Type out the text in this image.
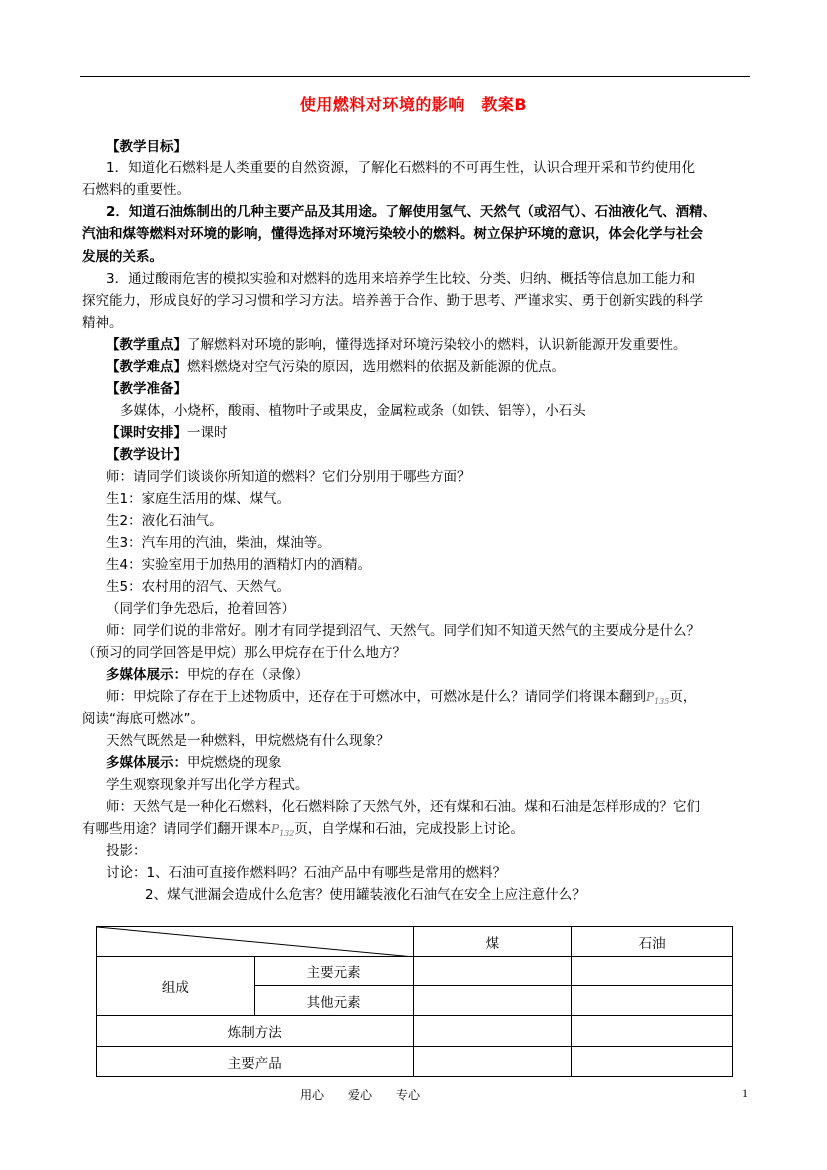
使用燃料对环境的影响　教案B
【教学目标】
1．知道化石燃料是人类重要的自然资源，了解化石燃料的不可再生性，认识合理开采和节约使用化
石燃料的重要性。
2．知道石油炼制出的几种主要产品及其用途。了解使用氢气、天然气（或沼气）、石油液化气、酒精、
汽油和煤等燃料对环境的影响，懂得选择对环境污染较小的燃料。树立保护环境的意识，体会化学与社会
发展的关系。
3．通过酸雨危害的模拟实验和对燃料的选用来培养学生比较、分类、归纳、概括等信息加工能力和
探究能力，形成良好的学习习惯和学习方法。培养善于合作、勤于思考、严谨求实、勇于创新实践的科学
精神。
【教学重点】了解燃料对环境的影响，懂得选择对环境污染较小的燃料，认识新能源开发重要性。
【教学难点】燃料燃烧对空气污染的原因，选用燃料的依据及新能源的优点。
【教学准备】
多媒体，小烧杯，酸雨、植物叶子或果皮，金属粒或条（如铁、铝等），小石头
【课时安排】一课时
【教学设计】
师：请同学们谈谈你所知道的燃料？它们分别用于哪些方面？
生1：家庭生活用的煤、煤气。
生2：液化石油气。
生3：汽车用的汽油，柴油，煤油等。
生4：实验室用于加热用的酒精灯内的酒精。
生5：农村用的沼气、天然气。
（同学们争先恐后，抢着回答）
师：同学们说的非常好。刚才有同学提到沼气、天然气。同学们知不知道天然气的主要成分是什么？
（预习的同学回答是甲烷）那么甲烷存在于什么地方？
多媒体展示：甲烷的存在（录像）
师：甲烷除了存在于上述物质中，还存在于可燃冰中，可燃冰是什么？请同学们将课本翻到$P_{135}$页，
阅读“海底可燃冰”。
天然气既然是一种燃料，甲烷燃烧有什么现象？
多媒体展示：甲烷燃烧的现象
学生观察现象并写出化学方程式。
师：天然气是一种化石燃料，化石燃料除了天然气外，还有煤和石油。煤和石油是怎样形成的？它们
有哪些用途？请同学们翻开课本$P_{132}$页，自学煤和石油，完成投影上讨论。
投影：
讨论：1、石油可直接作燃料吗？石油产品中有哪些是常用的燃料？
2、煤气泄漏会造成什么危害？使用罐装液化石油气在安全上应注意什么？
	煤	石油
组成	主要元素		
	其他元素		
炼制方法			
主要产品			
用心　　爱心　　专心	1
